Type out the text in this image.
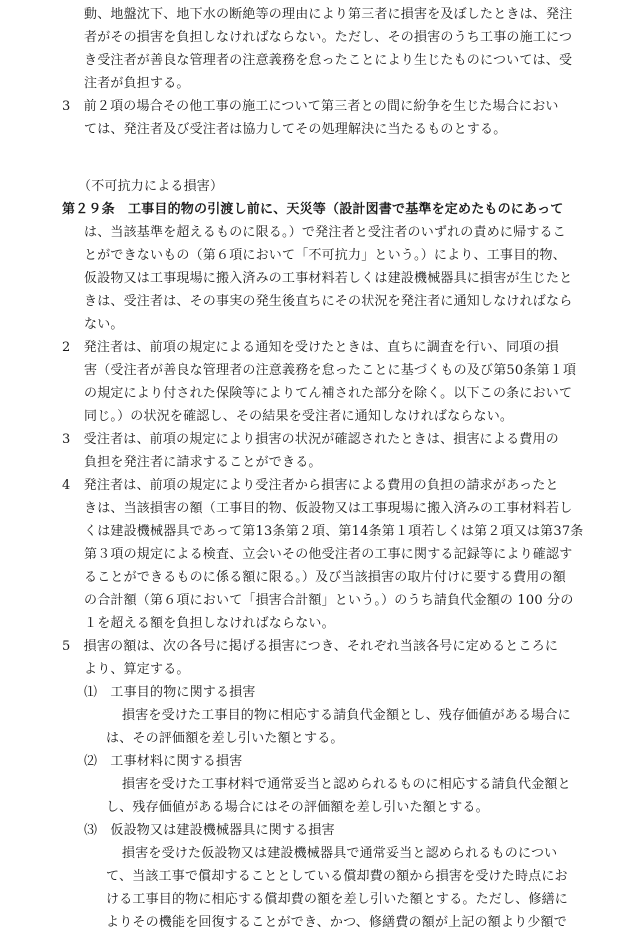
動、地盤沈下、地下水の断絶等の理由により第三者に損害を及ぼしたときは、発注
者がその損害を負担しなければならない。ただし、その損害のうち工事の施工につ
き受注者が善良な管理者の注意義務を怠ったことにより生じたものについては、受
注者が負担する。
3　前２項の場合その他工事の施工について第三者との間に紛争を生じた場合におい
ては、発注者及び受注者は協力してその処理解決に当たるものとする。
（不可抗力による損害）
第２９条　工事目的物の引渡し前に、天災等（設計図書で基準を定めたものにあって
は、当該基準を超えるものに限る。）で発注者と受注者のいずれの責めに帰するこ
とができないもの（第６項において「不可抗力」という。）により、工事目的物、
仮設物又は工事現場に搬入済みの工事材料若しくは建設機械器具に損害が生じたと
きは、受注者は、その事実の発生後直ちにその状況を発注者に通知しなければなら
ない。
2　発注者は、前項の規定による通知を受けたときは、直ちに調査を行い、同項の損
害（受注者が善良な管理者の注意義務を怠ったことに基づくもの及び第50条第１項
の規定により付された保険等によりてん補された部分を除く。以下この条において
同じ。）の状況を確認し、その結果を受注者に通知しなければならない。
3　受注者は、前項の規定により損害の状況が確認されたときは、損害による費用の
負担を発注者に請求することができる。
4　発注者は、前項の規定により受注者から損害による費用の負担の請求があったと
きは、当該損害の額（工事目的物、仮設物又は工事現場に搬入済みの工事材料若し
くは建設機械器具であって第13条第２項、第14条第１項若しくは第２項又は第37条
第３項の規定による検査、立会いその他受注者の工事に関する記録等により確認す
ることができるものに係る額に限る。）及び当該損害の取片付けに要する費用の額
の合計額（第６項において「損害合計額」という。）のうち請負代金額の 100 分の
１を超える額を負担しなければならない。
5　損害の額は、次の各号に掲げる損害につき、それぞれ当該各号に定めるところに
より、算定する。
⑴　工事目的物に関する損害
損害を受けた工事目的物に相応する請負代金額とし、残存価値がある場合に
は、その評価額を差し引いた額とする。
⑵　工事材料に関する損害
損害を受けた工事材料で通常妥当と認められるものに相応する請負代金額と
し、残存価値がある場合にはその評価額を差し引いた額とする。
⑶　仮設物又は建設機械器具に関する損害
損害を受けた仮設物又は建設機械器具で通常妥当と認められるものについ
て、当該工事で償却することとしている償却費の額から損害を受けた時点にお
ける工事目的物に相応する償却費の額を差し引いた額とする。ただし、修繕に
よりその機能を回復することができ、かつ、修繕費の額が上記の額より少額で
